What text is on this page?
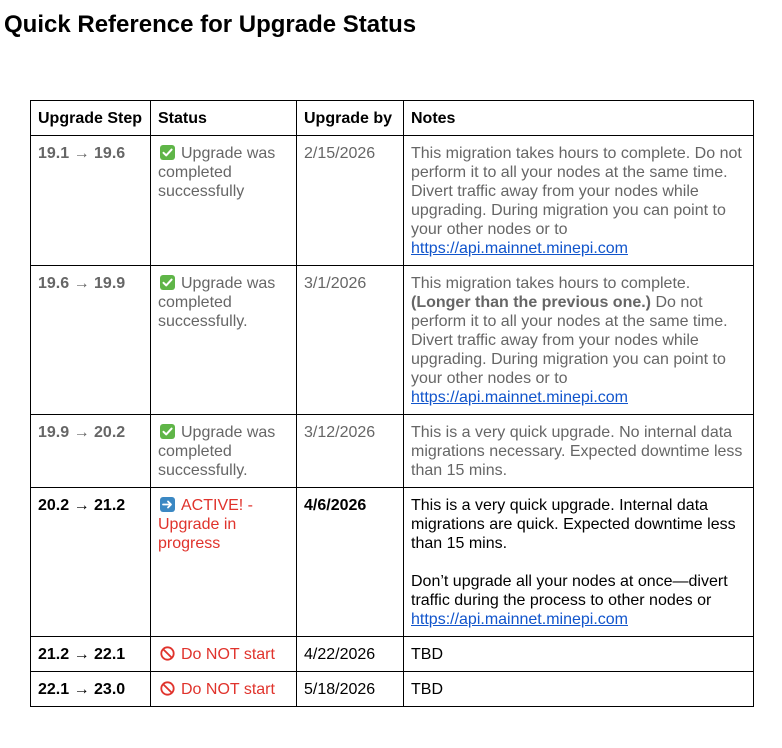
Quick Reference for Upgrade Status
Upgrade Step	Status	Upgrade by	Notes
19.1 → 19.6	Upgrade was completed successfully	2/15/2026	This migration takes hours to complete. Do not perform it to all your nodes at the same time. Divert traffic away from your nodes while upgrading. During migration you can point to your other nodes or to
https://api.mainnet.minepi.com
19.6 → 19.9	Upgrade was completed successfully.	3/1/2026	This migration takes hours to complete.
(Longer than the previous one.) Do not perform it to all your nodes at the same time. Divert traffic away from your nodes while upgrading. During migration you can point to your other nodes or to
https://api.mainnet.minepi.com
19.9 → 20.2	Upgrade was completed successfully.	3/12/2026	This is a very quick upgrade. No internal data migrations necessary. Expected downtime less than 15 mins.
20.2 → 21.2	ACTIVE! - Upgrade in progress	4/6/2026	This is a very quick upgrade. Internal data migrations are quick. Expected downtime less than 15 mins.
Don’t upgrade all your nodes at once—divert traffic during the process to other nodes or
https://api.mainnet.minepi.com
21.2 → 22.1	Do NOT start	4/22/2026	TBD
22.1 → 23.0	Do NOT start	5/18/2026	TBD
